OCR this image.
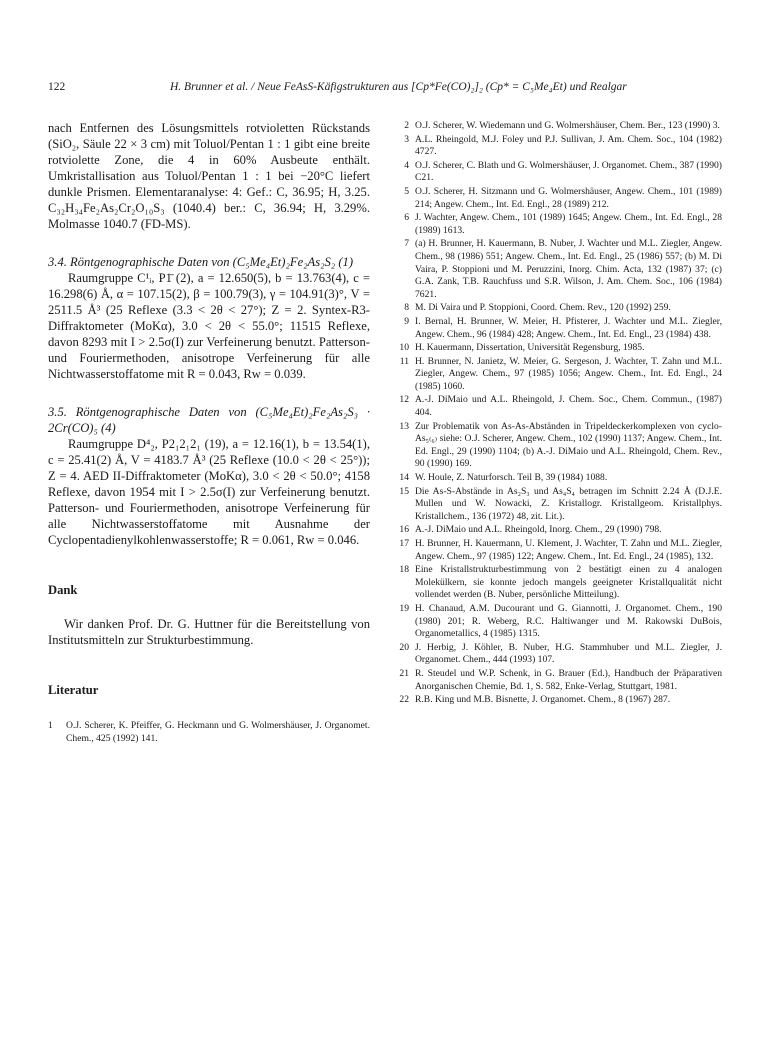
122	H. Brunner et al. / Neue FeAsS-Käfigstrukturen aus [Cp*Fe(CO)₂]₂ (Cp* = C₅Me₄Et) und Realgar

nach Entfernen des Lösungsmittels rotvioletten Rückstands (SiO₂, Säule 22 × 3 cm) mit Toluol/Pentan 1 : 1 gibt eine breite rotviolette Zone, die 4 in 60% Ausbeute enthält. Umkristallisation aus Toluol/Pentan 1 : 1 bei −20°C liefert dunkle Prismen. Elementaranalyse: 4: Gef.: C, 36.95; H, 3.25. C₃₂H₃₄Fe₂As₂Cr₂O₁₀S₃ (1040.4) ber.: C, 36.94; H, 3.29%. Molmasse 1040.7 (FD-MS).

3.4. Röntgenographische Daten von (C₅Me₄Et)₂Fe₂As₂S₂ (1)

Raumgruppe C¹ᵢ, P1̄ (2), a = 12.650(5), b = 13.763(4), c = 16.298(6) Å, α = 107.15(2), β = 100.79(3), γ = 104.91(3)°, V = 2511.5 Å³ (25 Reflexe (3.3 < 2θ < 27°); Z = 2. Syntex-R3-Diffraktometer (MoKα), 3.0 < 2θ < 55.0°; 11515 Reflexe, davon 8293 mit I > 2.5σ(I) zur Verfeinerung benutzt. Patterson- und Fouriermethoden, anisotrope Verfeinerung für alle Nichtwasserstoffatome mit R = 0.043, Rw = 0.039.

3.5. Röntgenographische Daten von (C₅Me₄Et)₂Fe₂As₂S₃ · 2Cr(CO)₅ (4)

Raumgruppe D⁴₂, P2₁2₁2₁ (19), a = 12.16(1), b = 13.54(1), c = 25.41(2) Å, V = 4183.7 Å³ (25 Reflexe (10.0 < 2θ < 25°)); Z = 4. AED II-Diffraktometer (MoKα), 3.0 < 2θ < 50.0°; 4158 Reflexe, davon 1954 mit I > 2.5σ(I) zur Verfeinerung benutzt. Patterson- und Fouriermethoden, anisotrope Verfeinerung für alle Nichtwasserstoffatome mit Ausnahme der Cyclopentadienylkohlenwasserstoffe; R = 0.061, Rw = 0.046.

Dank

Wir danken Prof. Dr. G. Huttner für die Bereitstellung von Institutsmitteln zur Strukturbestimmung.

Literatur

1	O.J. Scherer, K. Pfeiffer, G. Heckmann und G. Wolmershäuser, J. Organomet. Chem., 425 (1992) 141.
2 O.J. Scherer, W. Wiedemann und G. Wolmershäuser, Chem. Ber., 123 (1990) 3.
3 A.L. Rheingold, M.J. Foley und P.J. Sullivan, J. Am. Chem. Soc., 104 (1982) 4727.
4 O.J. Scherer, C. Blath und G. Wolmershäuser, J. Organomet. Chem., 387 (1990) C21.
5 O.J. Scherer, H. Sitzmann und G. Wolmershäuser, Angew. Chem., 101 (1989) 214; Angew. Chem., Int. Ed. Engl., 28 (1989) 212.
6 J. Wachter, Angew. Chem., 101 (1989) 1645; Angew. Chem., Int. Ed. Engl., 28 (1989) 1613.
7 (a) H. Brunner, H. Kauermann, B. Nuber, J. Wachter und M.L. Ziegler, Angew. Chem., 98 (1986) 551; Angew. Chem., Int. Ed. Engl., 25 (1986) 557; (b) M. Di Vaira, P. Stoppioni und M. Peruzzini, Inorg. Chim. Acta, 132 (1987) 37; (c) G.A. Zank, T.B. Rauchfuss und S.R. Wilson, J. Am. Chem. Soc., 106 (1984) 7621.
8 M. Di Vaira und P. Stoppioni, Coord. Chem. Rev., 120 (1992) 259.
9 I. Bernal, H. Brunner, W. Meier, H. Pfisterer, J. Wachter und M.L. Ziegler, Angew. Chem., 96 (1984) 428; Angew. Chem., Int. Ed. Engl., 23 (1984) 438.
10 H. Kauermann, Dissertation, Universität Regensburg, 1985.
11 H. Brunner, N. Janietz, W. Meier, G. Sergeson, J. Wachter, T. Zahn und M.L. Ziegler, Angew. Chem., 97 (1985) 1056; Angew. Chem., Int. Ed. Engl., 24 (1985) 1060.
12 A.-J. DiMaio und A.L. Rheingold, J. Chem. Soc., Chem. Commun., (1987) 404.
13 Zur Problematik von As-As-Abständen in Tripeldeckerkomplexen von cyclo-As₅₍₆₎ siehe: O.J. Scherer, Angew. Chem., 102 (1990) 1137; Angew. Chem., Int. Ed. Engl., 29 (1990) 1104; (b) A.-J. DiMaio und A.L. Rheingold, Chem. Rev., 90 (1990) 169.
14 W. Houle, Z. Naturforsch. Teil B, 39 (1984) 1088.
15 Die As-S-Abstände in As₂S₃ und As₄S₄ betragen im Schnitt 2.24 Å (D.J.E. Mullen und W. Nowacki, Z. Kristallogr. Kristallgeom. Kristallphys. Kristallchem., 136 (1972) 48, zit. Lit.).
16 A.-J. DiMaio und A.L. Rheingold, Inorg. Chem., 29 (1990) 798.
17 H. Brunner, H. Kauermann, U. Klement, J. Wachter, T. Zahn und M.L. Ziegler, Angew. Chem., 97 (1985) 122; Angew. Chem., Int. Ed. Engl., 24 (1985), 132.
18 Eine Kristallstrukturbestimmung von 2 bestätigt einen zu 4 analogen Molekülkern, sie konnte jedoch mangels geeigneter Kristallqualität nicht vollendet werden (B. Nuber, persönliche Mitteilung).
19 H. Chanaud, A.M. Ducourant und G. Giannotti, J. Organomet. Chem., 190 (1980) 201; R. Weberg, R.C. Haltiwanger und M. Rakowski DuBois, Organometallics, 4 (1985) 1315.
20 J. Herbig, J. Köhler, B. Nuber, H.G. Stammhuber und M.L. Ziegler, J. Organomet. Chem., 444 (1993) 107.
21 R. Steudel und W.P. Schenk, in G. Brauer (Ed.), Handbuch der Präparativen Anorganischen Chemie, Bd. 1, S. 582, Enke-Verlag, Stuttgart, 1981.
22 R.B. King und M.B. Bisnette, J. Organomet. Chem., 8 (1967) 287.
